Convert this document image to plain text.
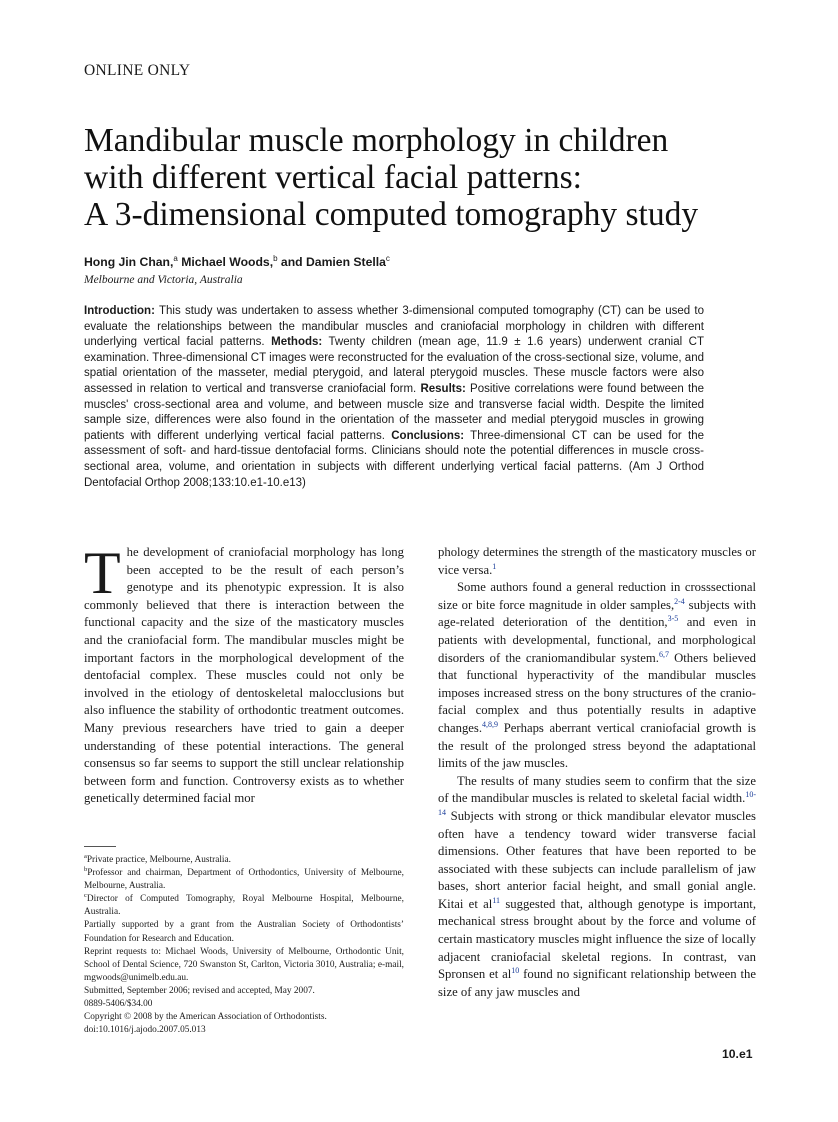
ONLINE ONLY
Mandibular muscle morphology in children
with different vertical facial patterns:
A 3-dimensional computed tomography study
Hong Jin Chan,$^a$ Michael Woods,$^b$ and Damien Stella$^c$
Melbourne and Victoria, Australia

Introduction: This study was undertaken to assess whether 3-dimensional computed tomography (CT) can be used to evaluate the relationships between the mandibular muscles and craniofacial morphology in children with different underlying vertical facial patterns. Methods: Twenty children (mean age, 11.9 ± 1.6 years) underwent cranial CT examination. Three-dimensional CT images were reconstructed for the evaluation of the cross-sectional size, volume, and spatial orientation of the masseter, medial pterygoid, and lateral pterygoid muscles. These muscle factors were also assessed in relation to vertical and transverse craniofacial form. Results: Positive correlations were found between the muscles' cross-sectional area and volume, and between muscle size and transverse facial width. Despite the limited sample size, differences were also found in the orientation of the masseter and medial pterygoid muscles in growing patients with different underlying vertical facial patterns. Conclusions: Three-dimensional CT can be used for the assessment of soft- and hard-tissue dentofacial forms. Clinicians should note the potential differences in muscle cross-sectional area, volume, and orientation in subjects with different underlying vertical facial patterns. (Am J Orthod Dentofacial Orthop 2008;133:10.e1-10.e13)

The development of craniofacial morphology has long been accepted to be the result of each person’s genotype and its phenotypic expression. It is also commonly believed that there is interaction between the functional capacity and the size of the masticatory muscles and the craniofacial form. The mandibular muscles might be important factors in the morphological development of the dentofacial complex. These muscles could not only be involved in the etiology of dentoskeletal malocclusions but also influence the stability of orthodontic treatment outcomes. Many previous researchers have tried to gain a deeper understanding of these potential interactions. The general consensus so far seems to support the still unclear relationship between form and function. Controversy exists as to whether genetically determined facial mor

phology determines the strength of the masticatory muscles or vice versa.$^1$

Some authors found a general reduction in crosssectional size or bite force magnitude in older samples,$^{2-4}$ subjects with age-related deterioration of the dentition,$^{3-5}$ and even in patients with developmental, functional, and morphological disorders of the craniomandibular system.$^{6,7}$ Others believed that functional hyperactivity of the mandibular muscles imposes increased stress on the bony structures of the craniofacial complex and thus potentially results in adaptive changes.$^{4,8,9}$ Perhaps aberrant vertical craniofacial growth is the result of the prolonged stress beyond the adaptational limits of the jaw muscles.

The results of many studies seem to confirm that the size of the mandibular muscles is related to skeletal facial width.$^{10-14}$ Subjects with strong or thick mandibular elevator muscles often have a tendency toward wider transverse facial dimensions. Other features that have been reported to be associated with these subjects can include parallelism of jaw bases, short anterior facial height, and small gonial angle. Kitai et al$^{11}$ suggested that, although genotype is important, mechanical stress brought about by the force and volume of certain masticatory muscles might influence the size of locally adjacent craniofacial skeletal regions. In contrast, van Spronsen et al$^{10}$ found no significant relationship between the size of any jaw muscles and

$^a$Private practice, Melbourne, Australia.

$^b$Professor and chairman, Department of Orthodontics, University of Melbourne, Melbourne, Australia.

$^c$Director of Computed Tomography, Royal Melbourne Hospital, Melbourne, Australia.

Partially supported by a grant from the Australian Society of Orthodontists’ Foundation for Research and Education.

Reprint requests to: Michael Woods, University of Melbourne, Orthodontic Unit, School of Dental Science, 720 Swanston St, Carlton, Victoria 3010, Australia; e-mail, mgwoods@unimelb.edu.au.

Submitted, September 2006; revised and accepted, May 2007.

0889-5406/$34.00

Copyright © 2008 by the American Association of Orthodontists.

doi:10.1016/j.ajodo.2007.05.013

10.e1
